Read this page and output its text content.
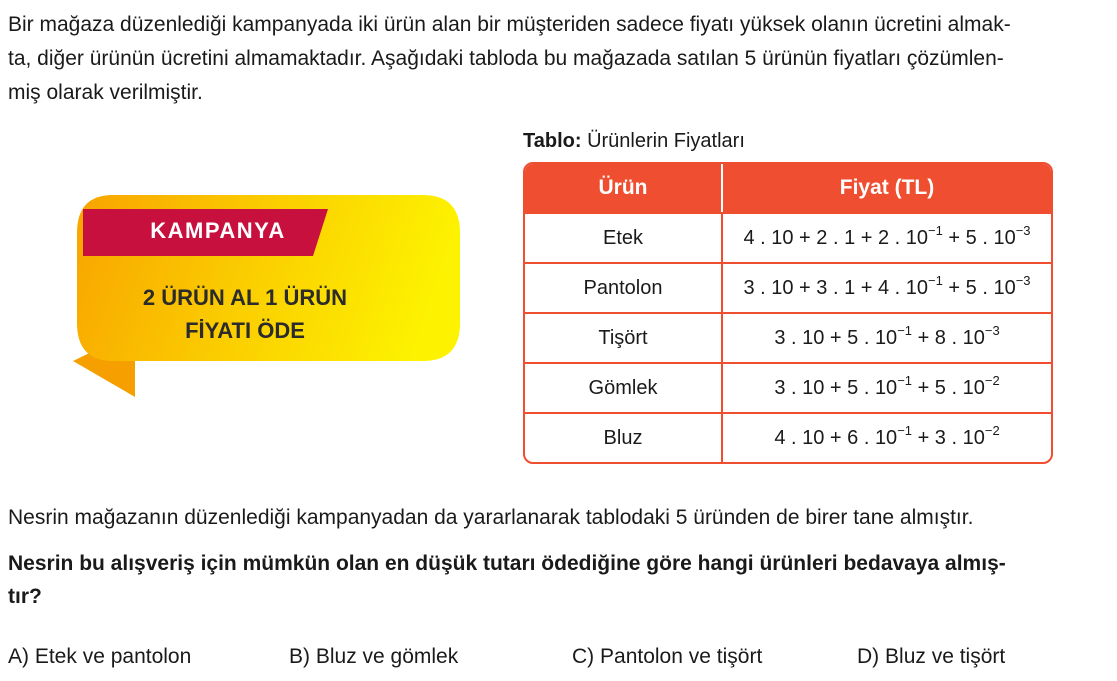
Bir mağaza düzenlediği kampanyada iki ürün alan bir müşteriden sadece fiyatı yüksek olanın ücretini almak-
ta, diğer ürünün ücretini almamaktadır. Aşağıdaki tabloda bu mağazada satılan 5 ürünün fiyatları çözümlen-
miş olarak verilmiştir.

KAMPANYA
2 ÜRÜN AL 1 ÜRÜN
FİYATI ÖDE

Tablo: Ürünlerin Fiyatları

Ürün	Fiyat (TL)
Etek	4 . 10 + 2 . 1 + 2 . $10^{-1} + 5$ . $10^{-3}$
Pantolon	3 . 10 + 3 . 1 + 4 . $10^{-1} + 5$ . $10^{-3}$
Tişört	3 . 10 + 5 . $10^{-1} + 8$ . $10^{-3}$
Gömlek	3 . 10 + 5 . $10^{-1} + 5$ . $10^{-2}$
Bluz	4 . 10 + 6 . $10^{-1} + 3$ . $10^{-2}$

Nesrin mağazanın düzenlediği kampanyadan da yararlanarak tablodaki 5 üründen de birer tane almıştır.

Nesrin bu alışveriş için mümkün olan en düşük tutarı ödediğine göre hangi ürünleri bedavaya almış-
tır?

A) Etek ve pantolon	B) Bluz ve gömlek	C) Pantolon ve tişört	D) Bluz ve tişört
